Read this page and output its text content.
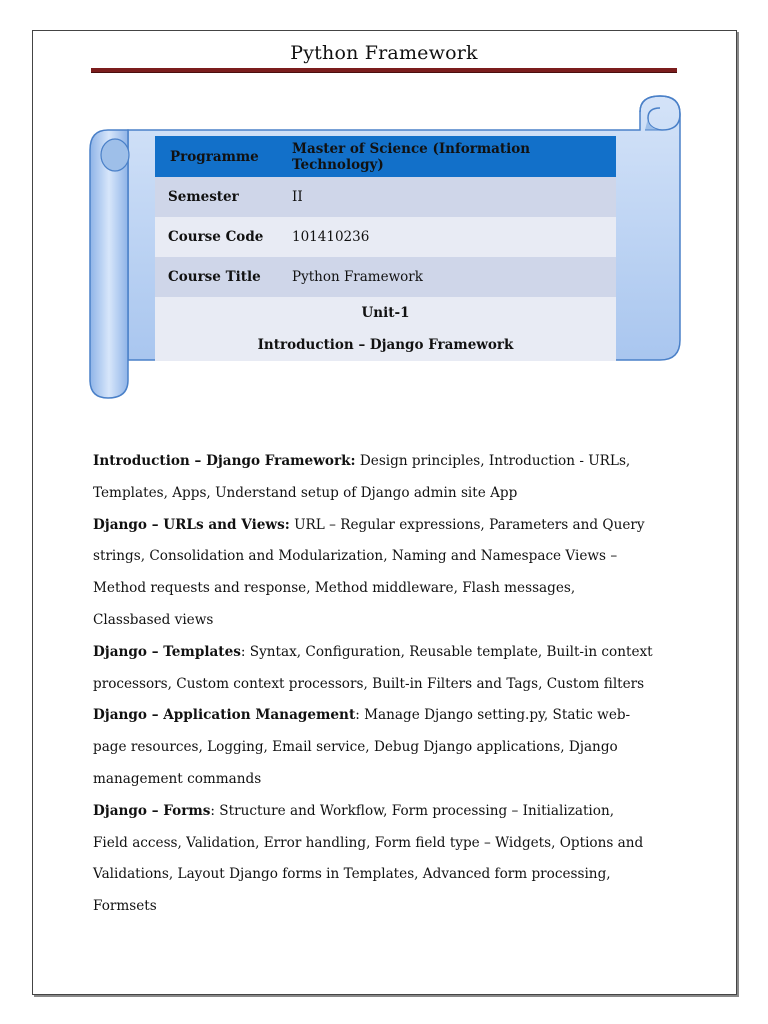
Python Framework
Programme	Master of Science (Information Technology)
Semester	II
Course Code	101410236
Course Title	Python Framework

Unit-1
Introduction – Django Framework	

Introduction – Django Framework: Design principles, Introduction - URLs, Templates, Apps, Understand setup of Django admin site App

Django – URLs and Views: URL – Regular expressions, Parameters and Query strings, Consolidation and Modularization, Naming and Namespace Views – Method requests and response, Method middleware, Flash messages, Classbased views

Django – Templates: Syntax, Configuration, Reusable template, Built-in context processors, Custom context processors, Built-in Filters and Tags, Custom filters

Django – Application Management: Manage Django setting.py, Static web-page resources, Logging, Email service, Debug Django applications, Django management commands

Django – Forms: Structure and Workflow, Form processing – Initialization, Field access, Validation, Error handling, Form field type – Widgets, Options and Validations, Layout Django forms in Templates, Advanced form processing, Formsets
